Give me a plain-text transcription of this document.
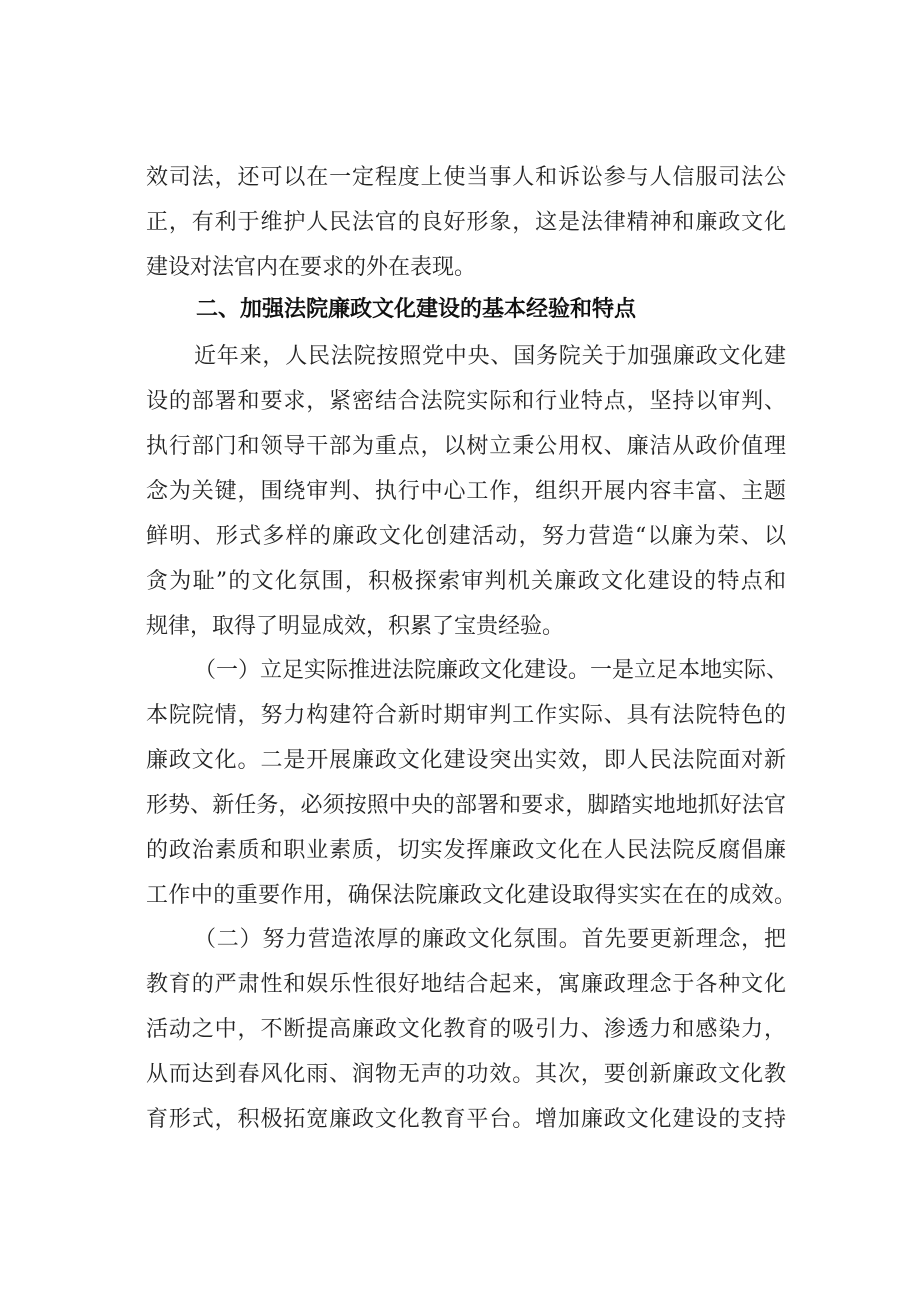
效司法，还可以在一定程度上使当事人和诉讼参与人信服司法公
正，有利于维护人民法官的良好形象，这是法律精神和廉政文化
建设对法官内在要求的外在表现。
二、加强法院廉政文化建设的基本经验和特点
近年来，人民法院按照党中央、国务院关于加强廉政文化建
设的部署和要求，紧密结合法院实际和行业特点，坚持以审判、
执行部门和领导干部为重点，以树立秉公用权、廉洁从政价值理
念为关键，围绕审判、执行中心工作，组织开展内容丰富、主题
鲜明、形式多样的廉政文化创建活动，努力营造“以廉为荣、以
贪为耻”的文化氛围，积极探索审判机关廉政文化建设的特点和
规律，取得了明显成效，积累了宝贵经验。
（一）立足实际推进法院廉政文化建设。一是立足本地实际、
本院院情，努力构建符合新时期审判工作实际、具有法院特色的
廉政文化。二是开展廉政文化建设突出实效，即人民法院面对新
形势、新任务，必须按照中央的部署和要求，脚踏实地地抓好法官
的政治素质和职业素质，切实发挥廉政文化在人民法院反腐倡廉
工作中的重要作用，确保法院廉政文化建设取得实实在在的成效。
（二）努力营造浓厚的廉政文化氛围。首先要更新理念，把
教育的严肃性和娱乐性很好地结合起来，寓廉政理念于各种文化
活动之中，不断提高廉政文化教育的吸引力、渗透力和感染力，
从而达到春风化雨、润物无声的功效。其次，要创新廉政文化教
育形式，积极拓宽廉政文化教育平台。增加廉政文化建设的支持
